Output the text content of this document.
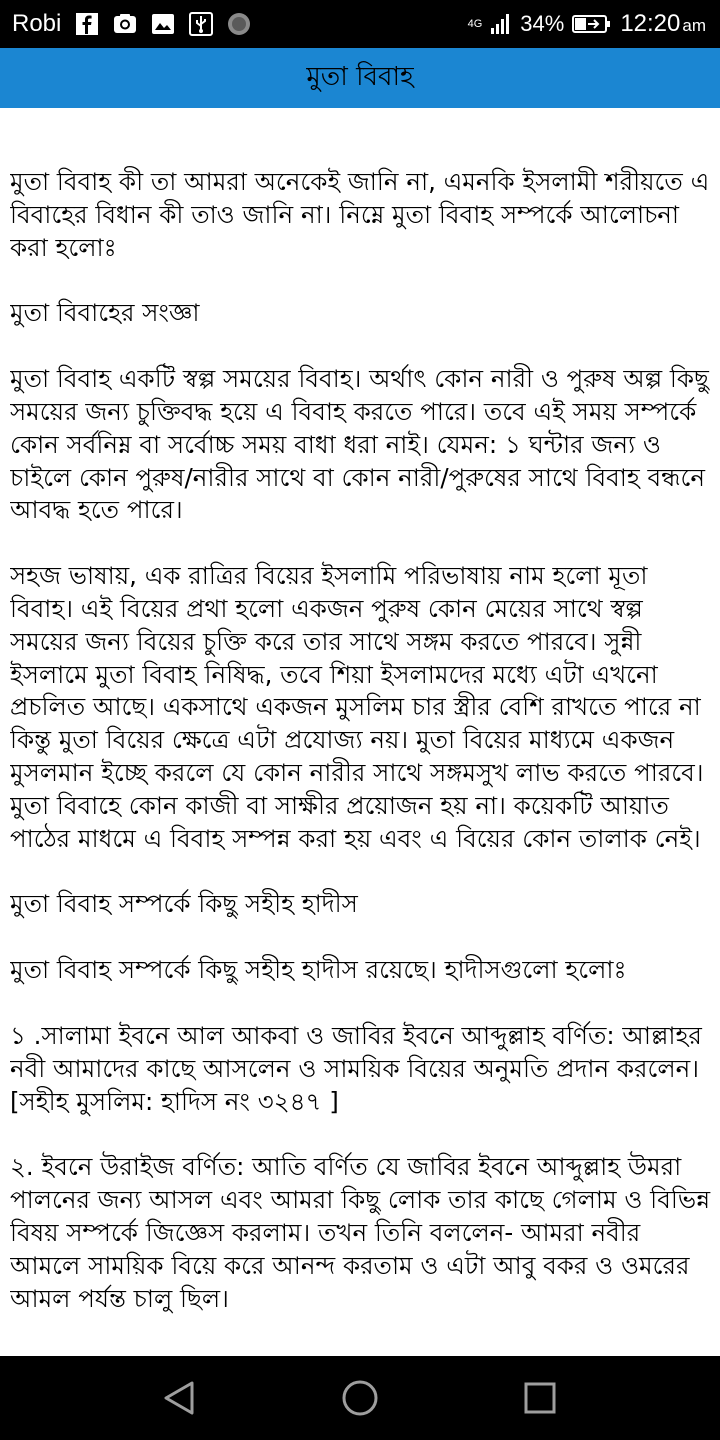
Robi	4G 34% 12:20 am
মুতা বিবাহ

মুতা বিবাহ কী তা আমরা অনেকেই জানি না, এমনকি ইসলামী শরীয়তে এ বিবাহের বিধান কী তাও জানি না। নিম্নে মুতা বিবাহ সম্পর্কে আলোচনা করা হলোঃ

মুতা বিবাহের সংজ্ঞা

মুতা বিবাহ একটি স্বল্প সময়ের বিবাহ। অর্থাৎ কোন নারী ও পুরুষ অল্প কিছু সময়ের জন্য চুক্তিবদ্ধ হয়ে এ বিবাহ করতে পারে। তবে এই সময় সম্পর্কে কোন সর্বনিম্ন বা সর্বোচ্চ সময় বাধা ধরা নাই। যেমন: ১ ঘন্টার জন্য ও চাইলে কোন পুরুষ/নারীর সাথে বা কোন নারী/পুরুষের সাথে বিবাহ বন্ধনে আবদ্ধ হতে পারে।

সহজ ভাষায়, এক রাত্রির বিয়ের ইসলামি পরিভাষায় নাম হলো মূতা বিবাহ। এই বিয়ের প্রথা হলো একজন পুরুষ কোন মেয়ের সাথে স্বল্প সময়ের জন্য বিয়ের চুক্তি করে তার সাথে সঙ্গম করতে পারবে। সুন্নী ইসলামে মুতা বিবাহ নিষিদ্ধ, তবে শিয়া ইসলামদের মধ্যে এটা এখনো প্রচলিত আছে। একসাথে একজন মুসলিম চার স্ত্রীর বেশি রাখতে পারে না কিন্তু মুতা বিয়ের ক্ষেত্রে এটা প্রযোজ্য নয়। মুতা বিয়ের মাধ্যমে একজন মুসলমান ইচ্ছে করলে যে কোন নারীর সাথে সঙ্গমসুখ লাভ করতে পারবে। মুতা বিবাহে কোন কাজী বা সাক্ষীর প্রয়োজন হয় না। কয়েকটি আয়াত পাঠের মাধমে এ বিবাহ সম্পন্ন করা হয় এবং এ বিয়ের কোন তালাক নেই।

মুতা বিবাহ সম্পর্কে কিছু সহীহ হাদীস

মুতা বিবাহ সম্পর্কে কিছু সহীহ হাদীস রয়েছে। হাদীসগুলো হলোঃ

১ .সালামা ইবনে আল আকবা ও জাবির ইবনে আব্দুল্লাহ বর্ণিত: আল্লাহর নবী আমাদের কাছে আসলেন ও সাময়িক বিয়ের অনুমতি প্রদান করলেন। [সহীহ মুসলিম: হাদিস নং ৩২৪৭ ]

২. ইবনে উরাইজ বর্ণিত: আতি বর্ণিত যে জাবির ইবনে আব্দুল্লাহ উমরা পালনের জন্য আসল এবং আমরা কিছু লোক তার কাছে গেলাম ও বিভিন্ন বিষয় সম্পর্কে জিজ্ঞেস করলাম। তখন তিনি বললেন- আমরা নবীর আমলে সাময়িক বিয়ে করে আনন্দ করতাম ও এটা আবু বকর ও ওমরের আমল পর্যন্ত চালু ছিল।
